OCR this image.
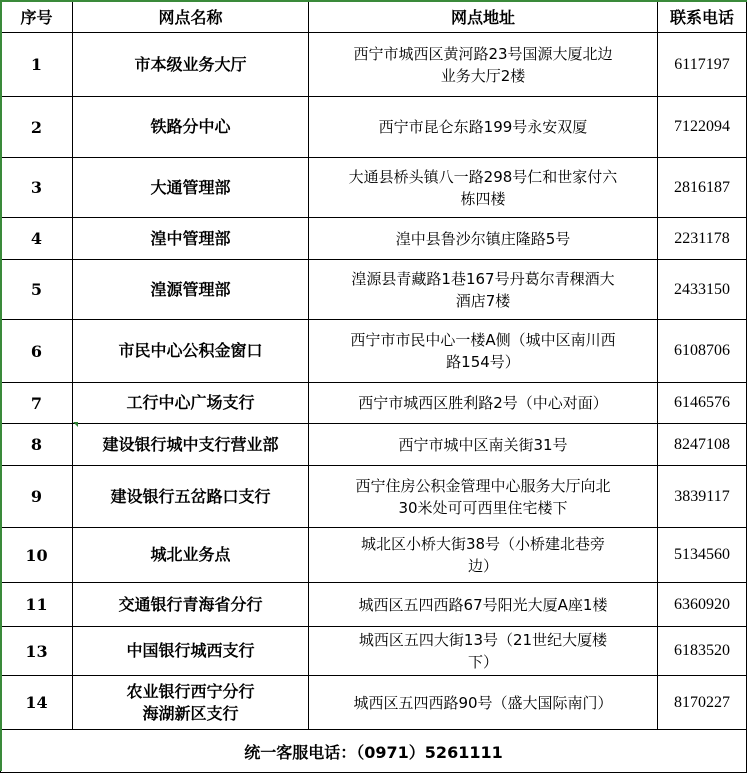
序号	网点名称	网点地址	联系电话
1	市本级业务大厅	西宁市城西区黄河路23号国源大厦北边
业务大厅2楼	6117197
2	铁路分中心	西宁市昆仑东路199号永安双厦	7122094
3	大通管理部	大通县桥头镇八一路298号仁和世家付六
栋四楼	2816187
4	湟中管理部	湟中县鲁沙尔镇庄隆路5号	2231178
5	湟源管理部	湟源县青藏路1巷167号丹葛尔青稞酒大
酒店7楼	2433150
6	市民中心公积金窗口	西宁市市民中心一楼A侧（城中区南川西
路154号）	6108706
7	工行中心广场支行	西宁市城西区胜利路2号（中心对面）	6146576
8	建设银行城中支行营业部	西宁市城中区南关街31号	8247108
9	建设银行五岔路口支行	西宁住房公积金管理中心服务大厅向北
30米处可可西里住宅楼下	3839117
10	城北业务点	城北区小桥大街38号（小桥建北巷旁
边）	5134560
11	交通银行青海省分行	城西区五四西路67号阳光大厦A座1楼	6360920
13	中国银行城西支行	城西区五四大街13号（21世纪大厦楼
下）	6183520
14	农业银行西宁分行
海湖新区支行	城西区五四西路90号（盛大国际南门）	8170227
统一客服电话：（0971）5261111			
